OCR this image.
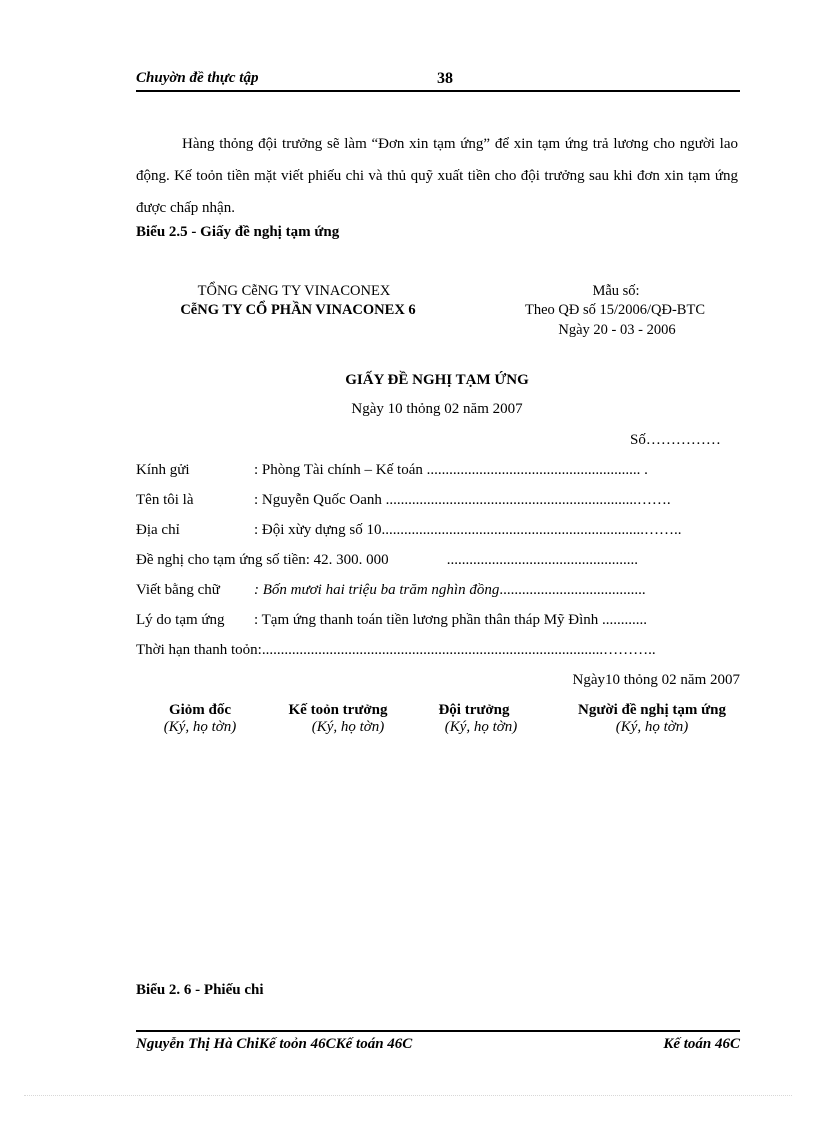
Chuyờn đề thực tập	38
Hàng thỏng đội trưởng sẽ làm “Đơn xin tạm ứng” để xin tạm ứng trả lương cho người lao động. Kế toỏn tiền mặt viết phiếu chi và thủ quỹ xuất tiền cho đội trưởng sau khi đơn xin tạm ứng được chấp nhận.
Biểu 2.5 - Giấy đề nghị tạm ứng
TỔNG CễNG TY VINACONEX
CễNG TY CỔ PHẦN VINACONEX 6
Mẫu số:
Theo QĐ số 15/2006/QĐ-BTC
Ngày 20 - 03 - 2006
GIẤY ĐỀ NGHỊ TẠM ỨNG
Ngày 10 thỏng 02 năm 2007
Số……………
Kính gửi	: Phòng Tài chính – Kế toán ......................................................... .
Tên tôi là	: Nguyễn Quốc Oanh ...................................................................…….
Địa chỉ	: Đội xừy dựng số 10......................................................................……..
Đề nghị cho tạm ứng số tiền: 42. 300. 000	...................................................
Viết bằng chữ : Bốn mươi hai triệu ba trăm nghìn đồng.......................................
Lý do tạm ứng : Tạm ứng thanh toán tiền lương phần thân tháp Mỹ Đình ............
Thời hạn thanh toỏn:...........................................................................................………..
Ngày10 thỏng 02 năm 2007
Giỏm đốc
(Ký, họ tờn)
Kế toỏn trưởng
(Ký, họ tờn)
Đội trưởng
(Ký, họ tờn)
Người đề nghị tạm ứng
(Ký, họ tờn)
Biểu 2. 6 - Phiếu chi
Nguyễn Thị Hà ChiKế toỏn 46CKế toán 46C	Kế toán 46C
